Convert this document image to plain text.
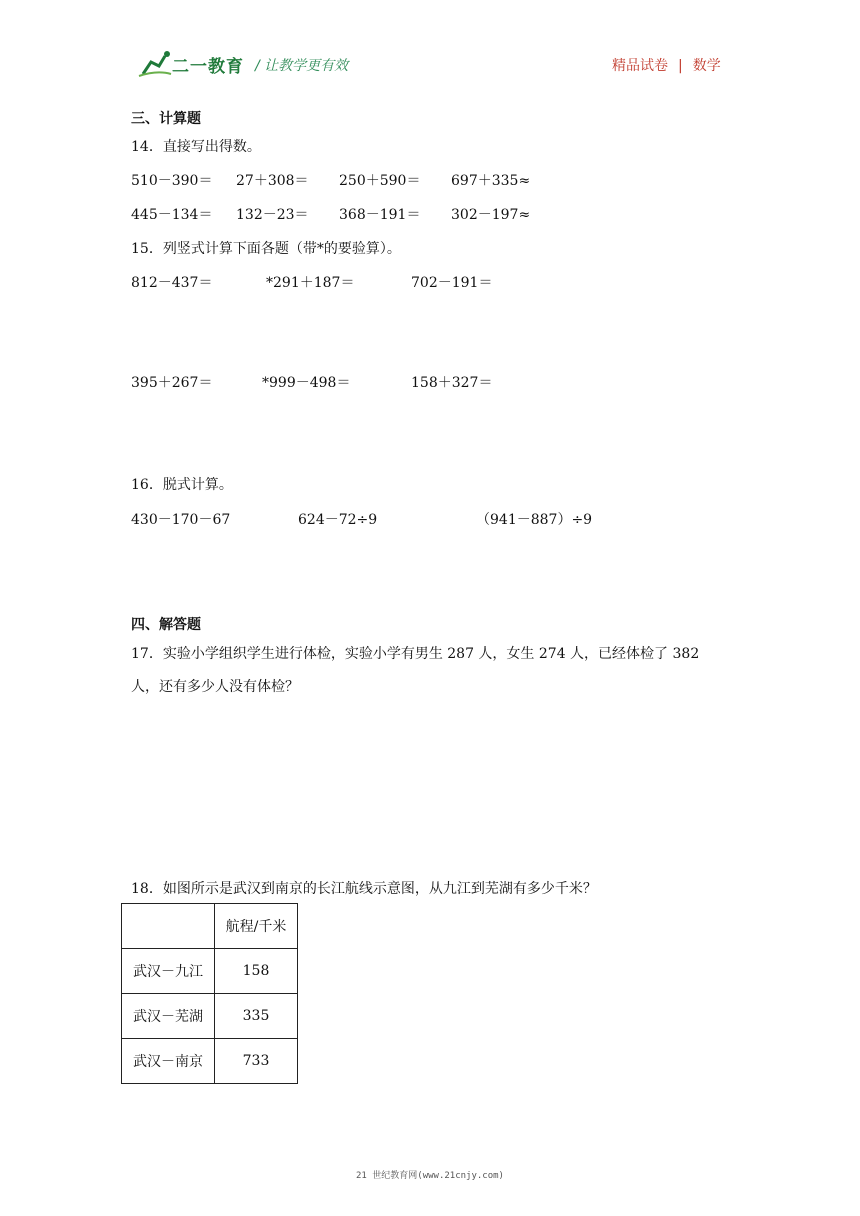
二一教育 / 让教学更有效	精品试卷 | 数学
三、计算题
14．直接写出得数。
510－390＝ 27＋308＝ 250＋590＝ 697＋335≈
445－134＝ 132－23＝ 368－191＝ 302－197≈
15．列竖式计算下面各题（带*的要验算）。
812－437＝	*291＋187＝	702－191＝
395＋267＝	*999－498＝	158＋327＝
16．脱式计算。
430－170－67	624－72÷9	（941－887）÷9
四、解答题
17．实验小学组织学生进行体检，实验小学有男生 287 人，女生 274 人，已经体检了 382
人，还有多少人没有体检？
18．如图所示是武汉到南京的长江航线示意图，从九江到芜湖有多少千米？
	航程/千米
武汉－九江	158
武汉－芜湖	335
武汉－南京	733
21 世纪教育网(www.21cnjy.com)
